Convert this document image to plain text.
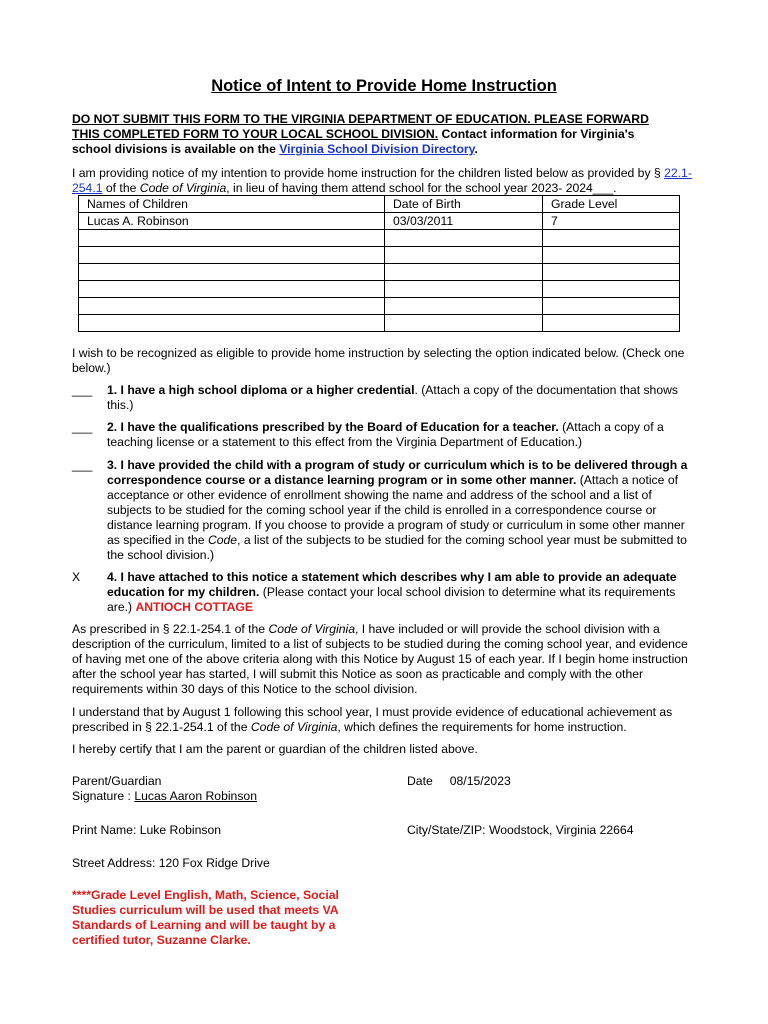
Notice of Intent to Provide Home Instruction
DO NOT SUBMIT THIS FORM TO THE VIRGINIA DEPARTMENT OF EDUCATION. PLEASE FORWARD
THIS COMPLETED FORM TO YOUR LOCAL SCHOOL DIVISION. Contact information for Virginia's
school divisions is available on the Virginia School Division Directory.
I am providing notice of my intention to provide home instruction for the children listed below as provided by § 22.1-254.1 of the Code of Virginia, in lieu of having them attend school for the school year 2023- 2024___.
Names of Children	Date of Birth	Grade Level
Lucas A. Robinson	03/03/2011	7

I wish to be recognized as eligible to provide home instruction by selecting the option indicated below. (Check one below.)
___	1. I have a high school diploma or a higher credential. (Attach a copy of the documentation that shows this.)
___	2. I have the qualifications prescribed by the Board of Education for a teacher. (Attach a copy of a teaching license or a statement to this effect from the Virginia Department of Education.)
___	3. I have provided the child with a program of study or curriculum which is to be delivered through a correspondence course or a distance learning program or in some other manner. (Attach a notice of acceptance or other evidence of enrollment showing the name and address of the school and a list of subjects to be studied for the coming school year if the child is enrolled in a correspondence course or distance learning program. If you choose to provide a program of study or curriculum in some other manner as specified in the Code, a list of the subjects to be studied for the coming school year must be submitted to the school division.)
X	4. I have attached to this notice a statement which describes why I am able to provide an adequate education for my children. (Please contact your local school division to determine what its requirements are.) ANTIOCH COTTAGE
As prescribed in § 22.1-254.1 of the Code of Virginia, I have included or will provide the school division with a description of the curriculum, limited to a list of subjects to be studied during the coming school year, and evidence of having met one of the above criteria along with this Notice by August 15 of each year. If I begin home instruction after the school year has started, I will submit this Notice as soon as practicable and comply with the other requirements within 30 days of this Notice to the school division.
I understand that by August 1 following this school year, I must provide evidence of educational achievement as prescribed in § 22.1-254.1 of the Code of Virginia, which defines the requirements for home instruction.
I hereby certify that I am the parent or guardian of the children listed above.
Parent/Guardian
Signature : Lucas Aaron Robinson
Date 08/15/2023
Print Name: Luke Robinson	City/State/ZIP: Woodstock, Virginia 22664
Street Address: 120 Fox Ridge Drive
****Grade Level English, Math, Science, Social Studies curriculum will be used that meets VA Standards of Learning and will be taught by a certified tutor, Suzanne Clarke.
